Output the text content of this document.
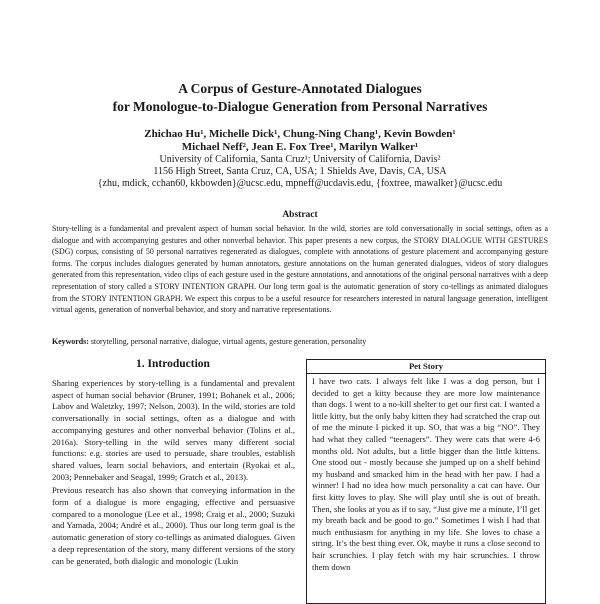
A Corpus of Gesture-Annotated Dialogues
for Monologue-to-Dialogue Generation from Personal Narratives
Zhichao Hu¹, Michelle Dick¹, Chung-Ning Chang¹, Kevin Bowden¹
Michael Neff², Jean E. Fox Tree¹, Marilyn Walker¹
University of California, Santa Cruz¹; University of California, Davis²
1156 High Street, Santa Cruz, CA, USA; 1 Shields Ave, Davis, CA, USA
{zhu, mdick, cchan60, kkbowden}@ucsc.edu, mpneff@ucdavis.edu, {foxtree, mawalker}@ucsc.edu
Abstract
Story-telling is a fundamental and prevalent aspect of human social behavior. In the wild, stories are told conversationally in social settings, often as a dialogue and with accompanying gestures and other nonverbal behavior. This paper presents a new corpus, the STORY DIALOGUE WITH GESTURES (SDG) corpus, consisting of 50 personal narratives regenerated as dialogues, complete with annotations of gesture placement and accompanying gesture forms. The corpus includes dialogues generated by human annotators, gesture annotations on the human generated dialogues, videos of story dialogues generated from this representation, video clips of each gesture used in the gesture annotations, and annotations of the original personal narratives with a deep representation of story called a STORY INTENTION GRAPH. Our long term goal is the automatic generation of story co-tellings as animated dialogues from the STORY INTENTION GRAPH. We expect this corpus to be a useful resource for researchers interested in natural language generation, intelligent virtual agents, generation of nonverbal behavior, and story and narrative representations.
Keywords: storytelling, personal narrative, dialogue, virtual agents, gesture generation, personality
1. Introduction

Sharing experiences by story-telling is a fundamental and prevalent aspect of human social behavior (Bruner, 1991; Bohanek et al., 2006; Labov and Waletzky, 1997; Nelson, 2003). In the wild, stories are told conversationally in social settings, often as a dialogue and with accompanying gestures and other nonverbal behavior (Tolins et al., 2016a). Story-telling in the wild serves many different social functions: e.g. stories are used to persuade, share troubles, establish shared values, learn social behaviors, and entertain (Ryokai et al., 2003; Pennebaker and Seagal, 1999; Gratch et al., 2013).

Previous research has also shown that conveying information in the form of a dialogue is more engaging, effective and persuasive compared to a monologue (Lee et al., 1998; Craig et al., 2000; Suzuki and Yamada, 2004; André et al., 2000). Thus our long term goal is the automatic generation of story co-tellings as animated dialogues. Given a deep representation of the story, many different versions of the story can be generated, both dialogic and monologic (Lukin

Pet Story
I have two cats. I always felt like I was a dog person, but I decided to get a kitty because they are more low maintenance than dogs. I went to a no-kill shelter to get our first cat. I wanted a little kitty, but the only baby kitten they had scratched the crap out of me the minute I picked it up. SO, that was a big “NO”. They had what they called “teenagers”. They were cats that were 4-6 months old. Not adults, but a little bigger than the little kittens. One stood out - mostly because she jumped up on a shelf behind my husband and smacked him in the head with her paw. I had a winner! I had no idea how much personality a cat can have. Our first kitty loves to play. She will play until she is out of breath. Then, she looks at you as if to say, “Just give me a minute, I’ll get my breath back and be good to go.” Sometimes I wish I had that much enthusiasm for anything in my life. She loves to chase a string. It’s the best thing ever. Ok, maybe it runs a close second to hair scrunchies. I play fetch with my hair scrunchies. I throw them down
